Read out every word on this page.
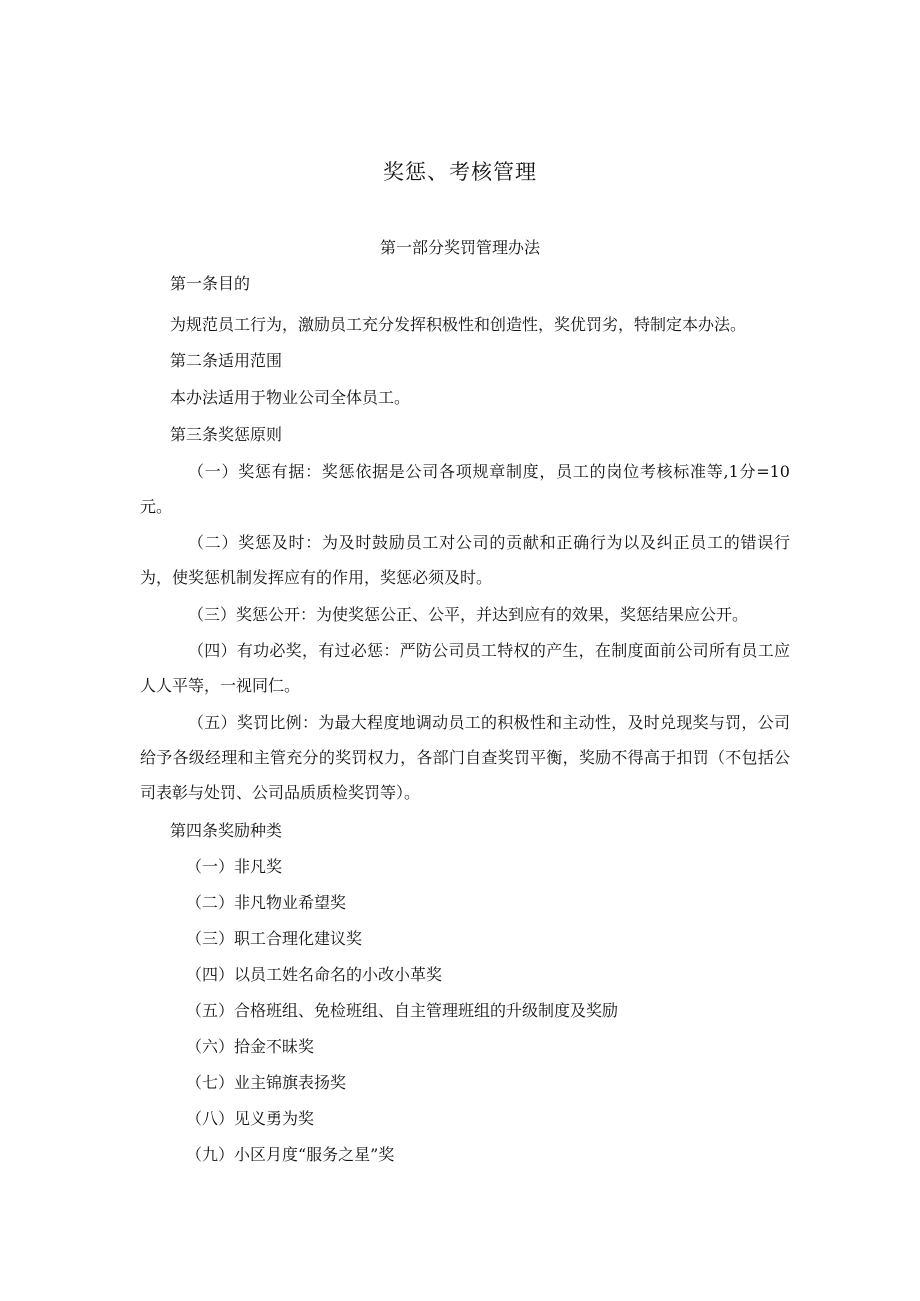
奖惩、考核管理
第一部分奖罚管理办法
第一条目的
为规范员工行为，激励员工充分发挥积极性和创造性，奖优罚劣，特制定本办法。
第二条适用范围
本办法适用于物业公司全体员工。
第三条奖惩原则
（一）奖惩有据：奖惩依据是公司各项规章制度，员工的岗位考核标准等,1分=10元。
（二）奖惩及时：为及时鼓励员工对公司的贡献和正确行为以及纠正员工的错误行为，使奖惩机制发挥应有的作用，奖惩必须及时。
（三）奖惩公开：为使奖惩公正、公平，并达到应有的效果，奖惩结果应公开。
（四）有功必奖，有过必惩：严防公司员工特权的产生，在制度面前公司所有员工应人人平等，一视同仁。
（五）奖罚比例：为最大程度地调动员工的积极性和主动性，及时兑现奖与罚，公司给予各级经理和主管充分的奖罚权力，各部门自查奖罚平衡，奖励不得高于扣罚（不包括公司表彰与处罚、公司品质质检奖罚等）。
第四条奖励种类
（一）非凡奖
（二）非凡物业希望奖
（三）职工合理化建议奖
（四）以员工姓名命名的小改小革奖
（五）合格班组、免检班组、自主管理班组的升级制度及奖励
（六）拾金不昧奖
（七）业主锦旗表扬奖
（八）见义勇为奖
（九）小区月度“服务之星”奖
